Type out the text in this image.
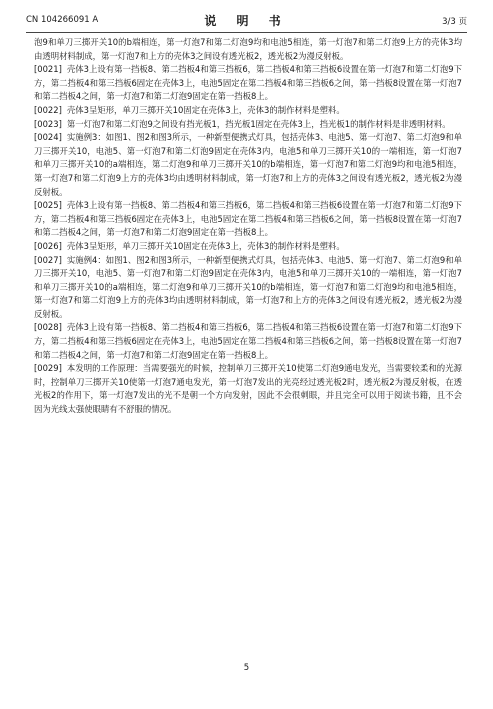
CN 104266091 A	说 明 书	3/3 页

泡9和单刀三掷开关10的b端相连，第一灯泡7和第二灯泡9均和电池5相连，第一灯泡7和第二灯泡9上方的壳体3均由透明材料制成，第一灯泡7和上方的壳体3之间设有透光板2，透光板2为漫反射板。

[0021] 壳体3上设有第一挡板8、第二挡板4和第三挡板6，第二挡板4和第三挡板6设置在第一灯泡7和第二灯泡9下方，第二挡板4和第三挡板6固定在壳体3上，电池5固定在第二挡板4和第三挡板6之间，第一挡板8设置在第一灯泡7和第二挡板4之间，第一灯泡7和第二灯泡9固定在第一挡板8上。

[0022] 壳体3呈矩形，单刀三掷开关10固定在壳体3上，壳体3的制作材料是塑料。

[0023] 第一灯泡7和第二灯泡9之间设有挡光板1，挡光板1固定在壳体3上，挡光板1的制作材料是非透明材料。

[0024] 实施例3：如图1、图2和图3所示，一种新型便携式灯具，包括壳体3、电池5、第一灯泡7、第二灯泡9和单刀三掷开关10，电池5、第一灯泡7和第二灯泡9固定在壳体3内，电池5和单刀三掷开关10的一端相连，第一灯泡7和单刀三掷开关10的a端相连，第二灯泡9和单刀三掷开关10的b端相连，第一灯泡7和第二灯泡9均和电池5相连，第一灯泡7和第二灯泡9上方的壳体3均由透明材料制成，第一灯泡7和上方的壳体3之间设有透光板2，透光板2为漫反射板。

[0025] 壳体3上设有第一挡板8、第二挡板4和第三挡板6，第二挡板4和第三挡板6设置在第一灯泡7和第二灯泡9下方，第二挡板4和第三挡板6固定在壳体3上，电池5固定在第二挡板4和第三挡板6之间，第一挡板8设置在第一灯泡7和第二挡板4之间，第一灯泡7和第二灯泡9固定在第一挡板8上。

[0026] 壳体3呈矩形，单刀三掷开关10固定在壳体3上，壳体3的制作材料是塑料。

[0027] 实施例4：如图1、图2和图3所示，一种新型便携式灯具，包括壳体3、电池5、第一灯泡7、第二灯泡9和单刀三掷开关10，电池5、第一灯泡7和第二灯泡9固定在壳体3内，电池5和单刀三掷开关10的一端相连，第一灯泡7和单刀三掷开关10的a端相连，第二灯泡9和单刀三掷开关10的b端相连，第一灯泡7和第二灯泡9均和电池5相连，第一灯泡7和第二灯泡9上方的壳体3均由透明材料制成，第一灯泡7和上方的壳体3之间设有透光板2，透光板2为漫反射板。

[0028] 壳体3上设有第一挡板8、第二挡板4和第三挡板6，第二挡板4和第三挡板6设置在第一灯泡7和第二灯泡9下方，第二挡板4和第三挡板6固定在壳体3上，电池5固定在第二挡板4和第三挡板6之间，第一挡板8设置在第一灯泡7和第二挡板4之间，第一灯泡7和第二灯泡9固定在第一挡板8上。

[0029] 本发明的工作原理：当需要强光的时候，控制单刀三掷开关10使第二灯泡9通电发光，当需要较柔和的光源时，控制单刀三掷开关10使第一灯泡7通电发光，第一灯泡7发出的光亮经过透光板2时，透光板2为漫反射板，在透光板2的作用下，第一灯泡7发出的光不是朝一个方向发射，因此不会很刺眼，并且完全可以用于阅读书籍，且不会因为光线太强使眼睛有不舒服的情况。

5
